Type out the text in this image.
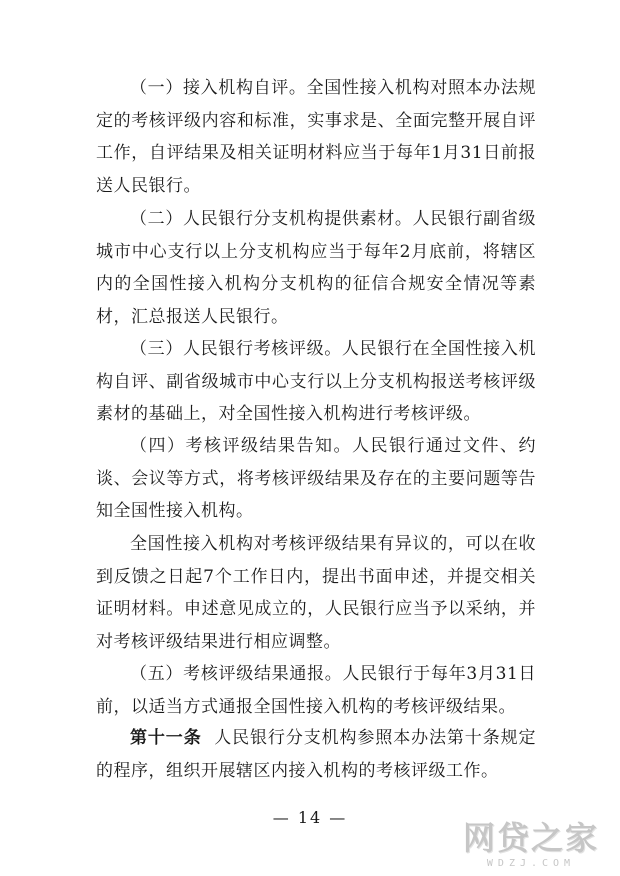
（一）接入机构自评。全国性接入机构对照本办法规定的考核评级内容和标准，实事求是、全面完整开展自评工作，自评结果及相关证明材料应当于每年1月31日前报送人民银行。

（二）人民银行分支机构提供素材。人民银行副省级城市中心支行以上分支机构应当于每年2月底前，将辖区内的全国性接入机构分支机构的征信合规安全情况等素材，汇总报送人民银行。

（三）人民银行考核评级。人民银行在全国性接入机构自评、副省级城市中心支行以上分支机构报送考核评级素材的基础上，对全国性接入机构进行考核评级。

（四）考核评级结果告知。人民银行通过文件、约谈、会议等方式，将考核评级结果及存在的主要问题等告知全国性接入机构。

全国性接入机构对考核评级结果有异议的，可以在收到反馈之日起7个工作日内，提出书面申述，并提交相关证明材料。申述意见成立的，人民银行应当予以采纳，并对考核评级结果进行相应调整。

（五）考核评级结果通报。人民银行于每年3月31日前，以适当方式通报全国性接入机构的考核评级结果。

第十一条 人民银行分支机构参照本办法第十条规定的程序，组织开展辖区内接入机构的考核评级工作。

— 14 —
网贷之家
WDZJ.COM
